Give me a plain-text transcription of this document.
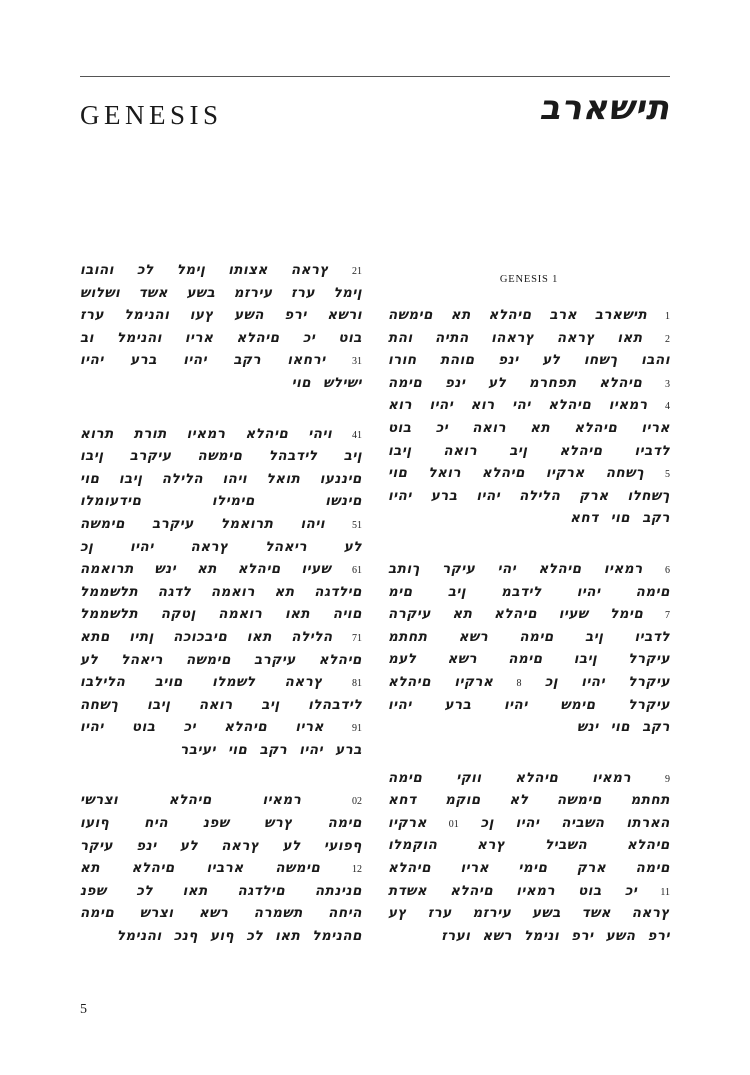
GENESIS	תישארב
12
ץראה
אצותו
ןימל
לכ
והובו
ןימל
ערז
עירזמ
בשע
אשד
ושלוש
ורשא
ירפ
השע
ץעו
והנימל
ערז
בוט
יכ
םיהלא
אריו
והנימל
וב
13
ירחאו
רקב
יהיו
ברע
יהיו
ישילש
םוי
14
ויהי
םיהלא
רמאיו
תורת
תרוא
ןיב
לידבהל
םימשה
עיקרב
ןיבו
םיננעו
תואל
ויהו
הלילה
ןיבו
םוי
םינשו
םימילו
םידעומלו
15
ויהו
תרואמל
עיקרב
םימשה
לע
ריאהל
ץראה
יהיו
ןכ
16
שעיו
םיהלא
תא
ינש
תרואמה
םילדגה
תא
רואמה
לדגה
תלשממל
םויה
תאו
רואמה
ןטקה
תלשממל
17
הלילה
תאו
םיבכוכה
ןתיו
םתא
םיהלא
עיקרב
םימשה
ריאהל
לע
18
ץראה
לשמלו
םויב
הלילבו
לידבהלו
ןיב
רואה
ןיבו
ךשחה
19
אריו
םיהלא
יכ
בוט
יהיו
ברע
יהיו
רקב
םוי
יעיבר
20
רמאיו
םיהלא
וצרשי
םימה
ץרש
שפנ
היח
ףועו
ףפועי
לע
ץראה
לע
ינפ
עיקר
21
םימשה
ארביו
םיהלא
תא
םנינתה
םילדגה
תאו
לכ
שפנ
היחה
תשמרה
רשא
וצרש
םימה
םהנימל
תאו
לכ
ףוע
ףנכ
והנימל
GENESIS 1
1
תישארב
ארב
םיהלא
תא
םימשה
2
תאו
ץראה
ץראהו
התיה
והת
והבו
ךשחו
לע
ינפ
םוהת
חורו
3
םיהלא
תפחרמ
לע
ינפ
םימה
4
רמאיו
םיהלא
יהי
רוא
יהיו
רוא
אריו
םיהלא
תא
רואה
יכ
בוט
לדביו
םיהלא
ןיב
רואה
ןיבו
5
ךשחה
ארקיו
םיהלא
רואל
םוי
ךשחלו
ארק
הלילה
יהיו
ברע
יהיו
רקב
םוי
דחא
6
רמאיו
םיהלא
יהי
עיקר
ךותב
םימה
יהיו
לידבמ
ןיב
םימ
7
םימל
שעיו
םיהלא
תא
עיקרה
לדביו
ןיב
םימה
רשא
תחתמ
עיקרל
ןיבו
םימה
רשא
לעמ
עיקרל
יהיו
ןכ
8
ארקיו
םיהלא
עיקרל
םימש
יהיו
ברע
יהיו
רקב
םוי
ינש
9
רמאיו
םיהלא
ווקי
םימה
תחתמ
םימשה
לא
םוקמ
דחא
הארתו
השביה
יהיו
ןכ
10
ארקיו
םיהלא
השביל
ץרא
הוקמלו
םימה
ארק
םימי
אריו
םיהלא
11
יכ
בוט
רמאיו
םיהלא
אשדת
ץראה
אשד
בשע
עירזמ
ערז
ץע
ירפ
השע
ירפ
ונימל
רשא
וערז
5
